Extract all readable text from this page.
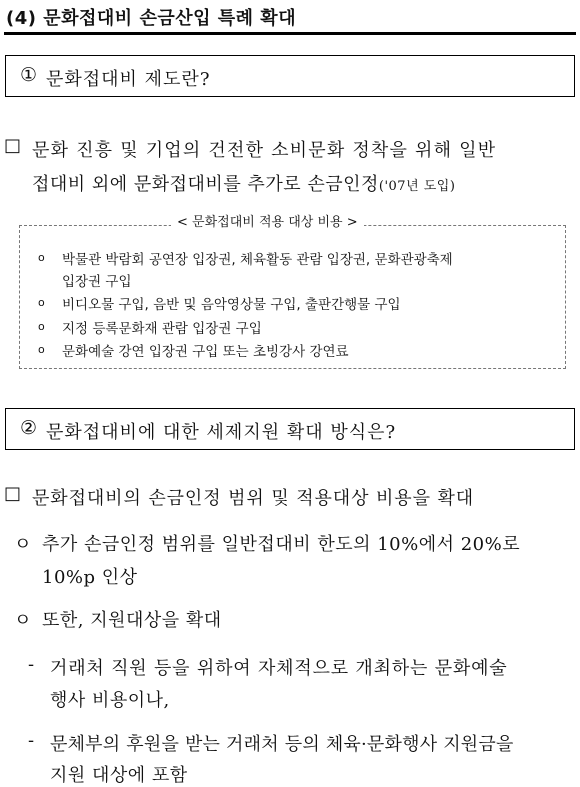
(4) 문화접대비 손금산입 특례 확대
① 문화접대비 제도란?
□ 문화 진흥 및 기업의 건전한 소비문화 정착을 위해 일반
접대비 외에 문화접대비를 추가로 손금인정('07년 도입)
< 문화접대비 적용 대상 비용 >
o 박물관 박람회 공연장 입장권, 체육활동 관람 입장권, 문화관광축제
입장권 구입
o 비디오물 구입, 음반 및 음악영상물 구입, 출판간행물 구입
o 지정 등록문화재 관람 입장권 구입
o 문화예술 강연 입장권 구입 또는 초빙강사 강연료
② 문화접대비에 대한 세제지원 확대 방식은?
□ 문화접대비의 손금인정 범위 및 적용대상 비용을 확대
ㅇ 추가 손금인정 범위를 일반접대비 한도의 10%에서 20%로
10%p 인상
ㅇ 또한, 지원대상을 확대
- 거래처 직원 등을 위하여 자체적으로 개최하는 문화예술
행사 비용이나,
- 문체부의 후원을 받는 거래처 등의 체육·문화행사 지원금을
지원 대상에 포함
